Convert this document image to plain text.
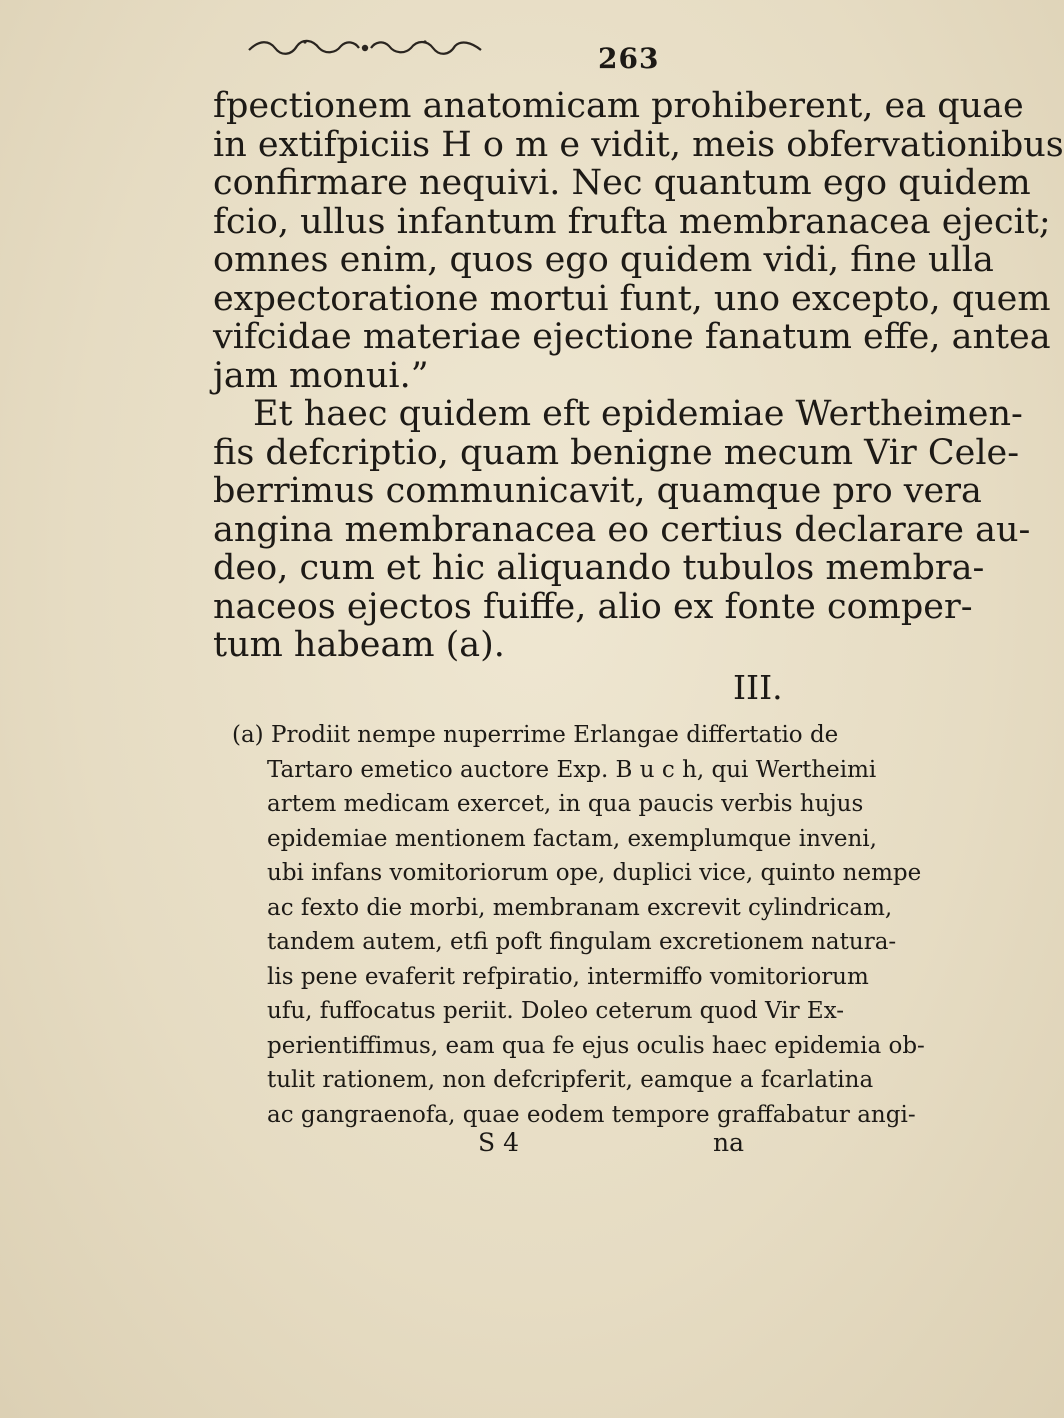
263
fpectionem anatomicam prohiberent, ea quae
in extifpiciis H o m e vidit, meis obfervationibus
confirmare nequivi. Nec quantum ego quidem
fcio, ullus infantum frufta membranacea ejecit;
omnes enim, quos ego quidem vidi, fine ulla
expectoratione mortui funt, uno excepto, quem
vifcidae materiae ejectione fanatum effe, antea
jam monui.”
Et haec quidem eft epidemiae Wertheimen-
fis defcriptio, quam benigne mecum Vir Cele-
berrimus communicavit, quamque pro vera
angina membranacea eo certius declarare au-
deo, cum et hic aliquando tubulos membra-
naceos ejectos fuiffe, alio ex fonte comper-
tum habeam (a).
III.
(a) Prodiit nempe nuperrime Erlangae differtatio de
Tartaro emetico auctore Exp. B u c h, qui Wertheimi
artem medicam exercet, in qua paucis verbis hujus
epidemiae mentionem factam, exemplumque inveni,
ubi infans vomitoriorum ope, duplici vice, quinto nempe
ac fexto die morbi, membranam excrevit cylindricam,
tandem autem, etfi poft fingulam excretionem natura-
lis pene evaferit refpiratio, intermiffo vomitoriorum
ufu, fuffocatus periit. Doleo ceterum quod Vir Ex-
perientiffimus, eam qua fe ejus oculis haec epidemia ob-
tulit rationem, non defcripferit, eamque a fcarlatina
ac gangraenofa, quae eodem tempore graffabatur angi-
S 4	na
